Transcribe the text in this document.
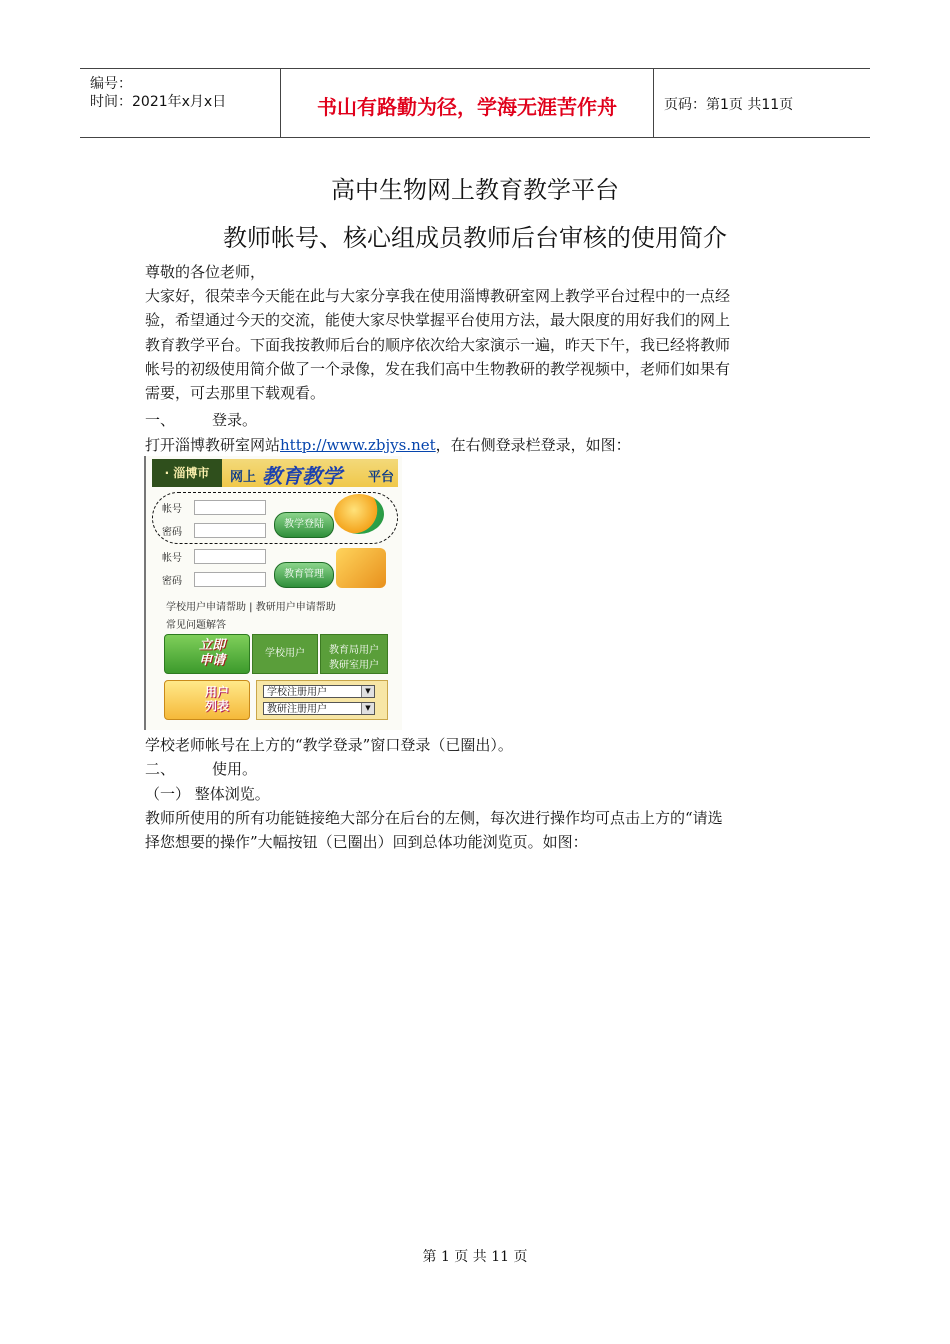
编号：
时间：2021年x月x日	书山有路勤为径，学海无涯苦作舟	页码：第1页 共11页
高中生物网上教育教学平台
教师帐号、核心组成员教师后台审核的使用简介
尊敬的各位老师，
大家好，很荣幸今天能在此与大家分享我在使用淄博教研室网上教学平台过程中的一点经
验，希望通过今天的交流，能使大家尽快掌握平台使用方法，最大限度的用好我们的网上
教育教学平台。下面我按教师后台的顺序依次给大家演示一遍，昨天下午，我已经将教师
帐号的初级使用简介做了一个录像，发在我们高中生物教研的教学视频中，老师们如果有
需要，可去那里下载观看。
一、	登录。
打开淄博教研室网站http://www.zbjys.net，在右侧登录栏登录，如图：
· 淄博市	网上 教育教学 平台
帐号
密码
教学登陆
帐号
密码
教育管理
学校用户申请帮助 | 教研用户申请帮助
常见问题解答
立即 申请	学校用户	教育局用户
教研室用户
用户 列表
学校注册用户	▼
教研注册用户	▼
学校老师帐号在上方的“教学登录”窗口登录（已圈出）。
二、	使用。
（一） 整体浏览。
教师所使用的所有功能链接绝大部分在后台的左侧，每次进行操作均可点击上方的“请选
择您想要的操作”大幅按钮（已圈出）回到总体功能浏览页。如图：
第 1 页 共 11 页
